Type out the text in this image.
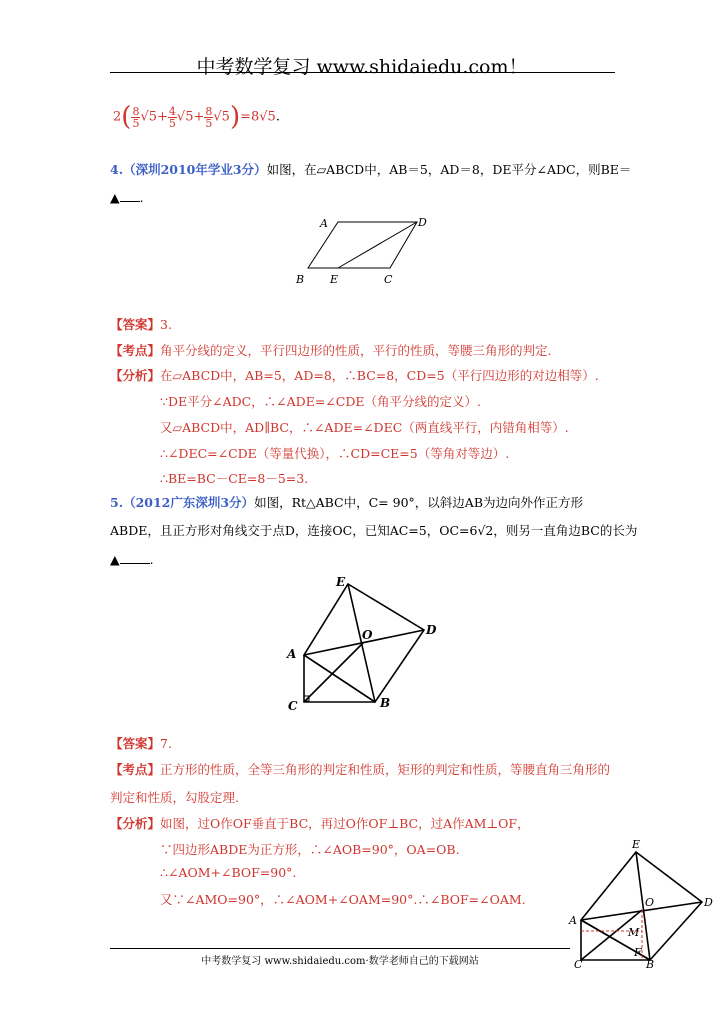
中考数学复习 www.shidaiedu.com！
$2( \frac{8}{5} √5+ \frac{4}{5} √5+ \frac{8}{5} √5)=8√5$.
4.（深圳2010年学业3分）如图，在▱ABCD中，AB＝5，AD＝8，DE平分∠ADC，则BE＝
▲ .
A	D
B E	C
【答案】3.
【考点】角平分线的定义，平行四边形的性质，平行的性质，等腰三角形的判定.
【分析】在▱ABCD中，AB=5，AD=8，∴BC=8，CD=5（平行四边形的对边相等）.
∵DE平分∠ADC，∴∠ADE=∠CDE（角平分线的定义）.
又▱ABCD中，AD∥BC，∴∠ADE=∠DEC（两直线平行，内错角相等）.
∴∠DEC=∠CDE（等量代换），∴CD=CE=5（等角对等边）.
∴BE=BC－CE=8－5=3.
5.（2012广东深圳3分）如图，Rt△ABC中，C= 90°，以斜边AB为边向外作正方形
ABDE，且正方形对角线交于点D，连接OC，已知AC=5，OC=6√2，则另一直角边BC的长为
▲ .
E
O	D
A
C	B
【答案】7.
【考点】正方形的性质，全等三角形的判定和性质，矩形的判定和性质，等腰直角三角形的
判定和性质，勾股定理.
【分析】如图，过O作OF垂直于BC，再过O作OF⊥BC，过A作AM⊥OF，
∵四边形ABDE为正方形，∴∠AOB=90°，OA=OB.
∴∠AOM+∠BOF=90°.
又∵∠AMO=90°，∴∠AOM+∠OAM=90°.∴∠BOF=∠OAM.
E
O	D
A
M
C
F
B
中考数学复习 www.shidaiedu.com·数学老师自己的下载网站
